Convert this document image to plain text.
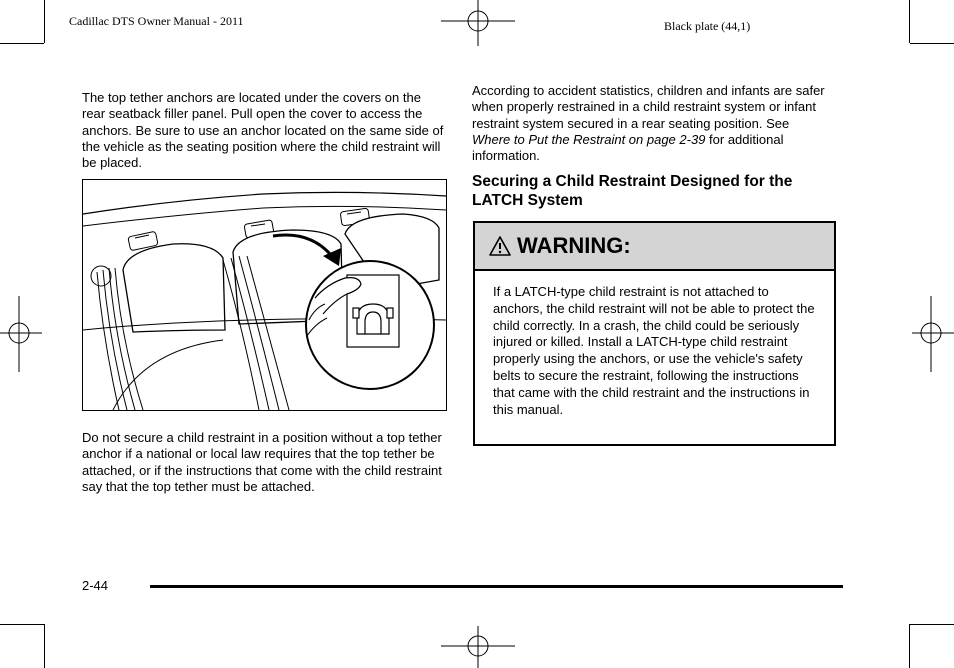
Cadillac DTS Owner Manual - 2011	Black plate (44,1)

The top tether anchors are located under the covers on the rear seatback filler panel. Pull open the cover to access the anchors. Be sure to use an anchor located on the same side of the vehicle as the seating position where the child restraint will be placed.

Do not secure a child restraint in a position without a top tether anchor if a national or local law requires that the top tether be attached, or if the instructions that come with the child restraint say that the top tether must be attached.

According to accident statistics, children and infants are safer when properly restrained in a child restraint system or infant restraint system secured in a rear seating position. See Where to Put the Restraint on page 2-39 for additional information.

Securing a Child Restraint Designed for the LATCH System
WARNING:

If a LATCH-type child restraint is not attached to anchors, the child restraint will not be able to protect the child correctly. In a crash, the child could be seriously injured or killed. Install a LATCH-type child restraint properly using the anchors, or use the vehicle's safety belts to secure the restraint, following the instructions that came with the child restraint and the instructions in this manual.

2-44
